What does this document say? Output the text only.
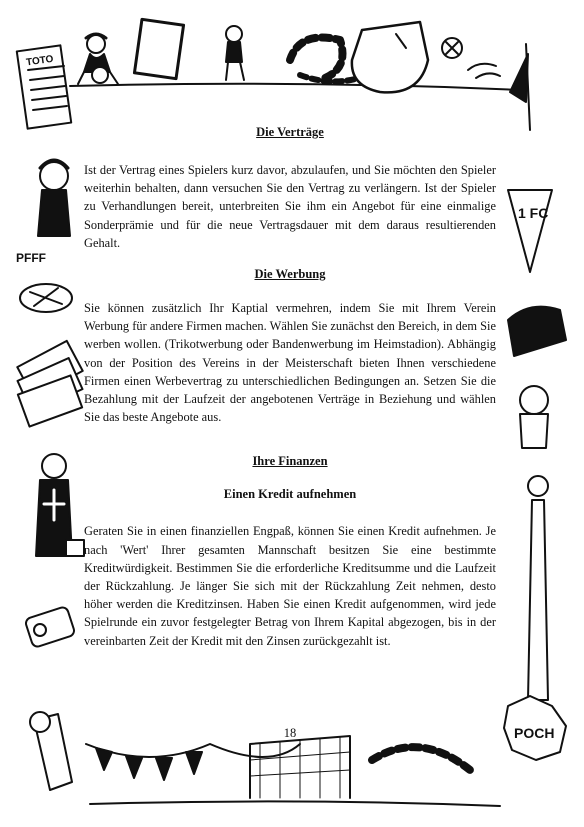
TOTO
PFFF
1 FC
POCH
Die Verträge

Ist der Vertrag eines Spielers kurz davor, abzulaufen, und Sie möchten den Spieler weiterhin behalten, dann versuchen Sie den Vertrag zu verlängern. Ist der Spieler zu Verhandlungen bereit, unterbreiten Sie ihm ein Angebot für eine einmalige Sonderprämie und für die neue Vertragsdauer mit dem daraus resultierenden Gehalt.

Die Werbung

Sie können zusätzlich Ihr Kaptial vermehren, indem Sie mit Ihrem Verein Werbung für andere Firmen machen. Wählen Sie zunächst den Bereich, in dem Sie werben wollen. (Trikotwerbung oder Bandenwerbung im Heimstadion). Abhängig von der Position des Vereins in der Meisterschaft bieten Ihnen verschiedene Firmen einen Werbevertrag zu unterschiedlichen Bedingungen an. Setzen Sie die Bezahlung mit der Laufzeit der angebotenen Verträge in Beziehung und wählen Sie das beste Angebote aus.

Ihre Finanzen
Einen Kredit aufnehmen

Geraten Sie in einen finanziellen Engpaß, können Sie einen Kredit aufnehmen. Je nach 'Wert' Ihrer gesamten Mannschaft besitzen Sie eine bestimmte Kreditwürdigkeit. Bestimmen Sie die erforderliche Kreditsumme und die Laufzeit der Rückzahlung. Je länger Sie sich mit der Rückzahlung Zeit nehmen, desto höher werden die Kreditzinsen. Haben Sie einen Kredit aufgenommen, wird jede Spielrunde ein zuvor festgelegter Betrag von Ihrem Kapital abgezogen, bis in der vereinbarten Zeit der Kredit mit den Zinsen zurückgezahlt ist.

18
